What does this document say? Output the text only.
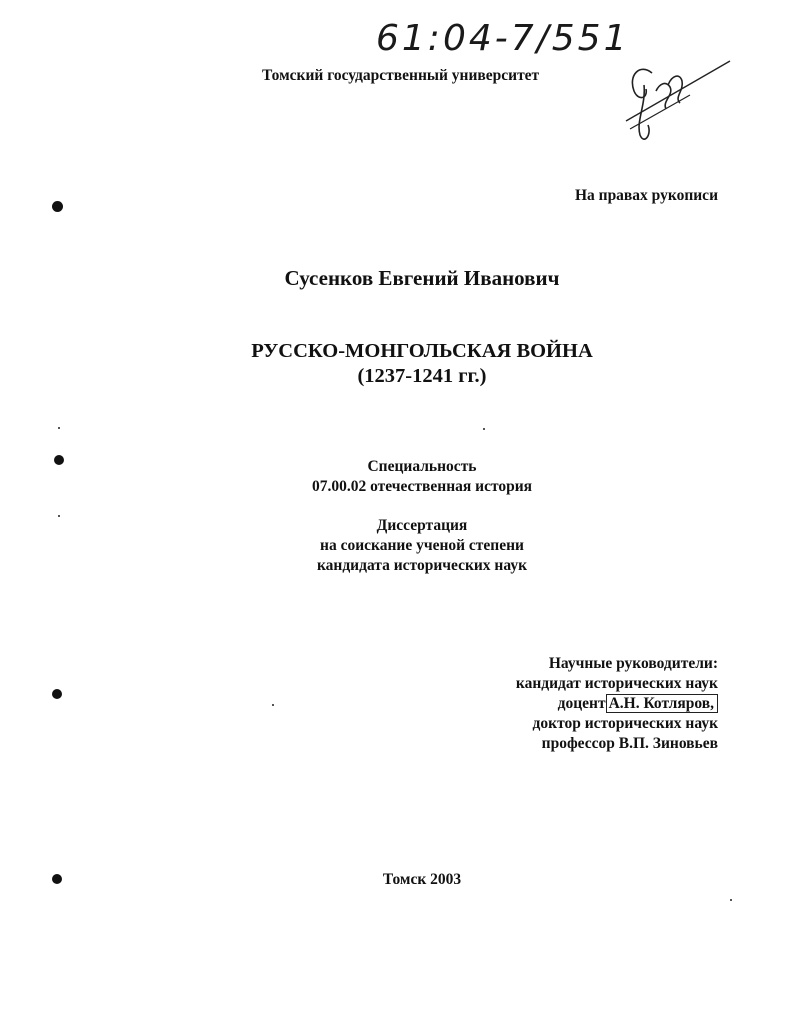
61:04-7/551
Томский государственный университет
На правах рукописи
Сусенков Евгений Иванович
РУССКО-МОНГОЛЬСКАЯ ВОЙНА
(1237-1241 гг.)
Специальность
07.00.02 отечественная история
Диссертация
на соискание ученой степени
кандидата исторических наук
Научные руководители:
кандидат исторических наук
доцент А.Н. Котляров,
доктор исторических наук
профессор В.П. Зиновьев
Томск 2003
